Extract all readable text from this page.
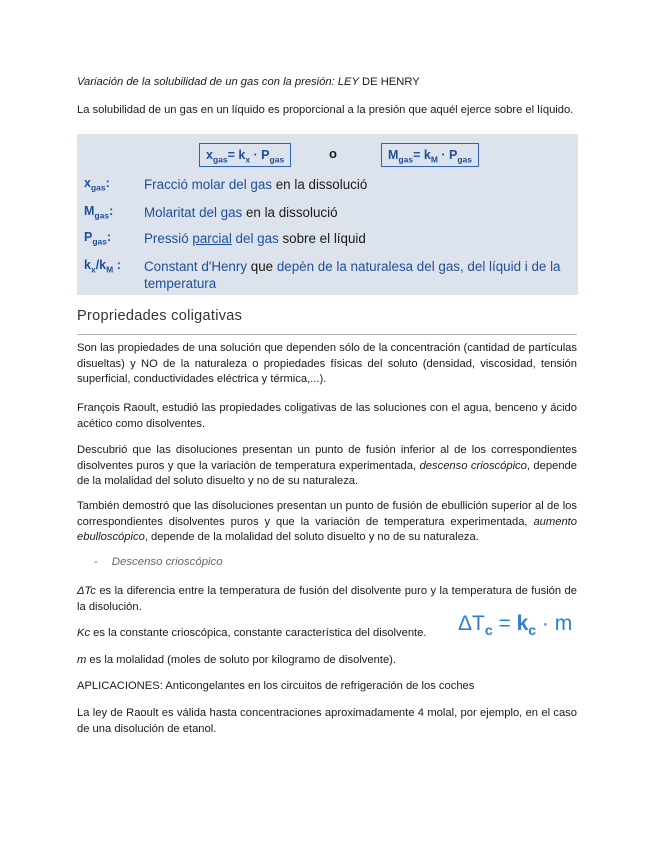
Variación de la solubilidad de un gas con la presión: LEY DE HENRY

La solubilidad de un gas en un líquido es proporcional a la presión que aquél ejerce sobre el líquido.

$x_{gas}= k_x \cdot P_{gas}$	o	$M_{gas}= k_M \cdot P_{gas}$
$x_{gas}$:	Fracció molar del gas en la dissolució
$M_{gas}$: Molaritat del gas en la dissolució
$P_{gas}$: Pressió parcial del gas sobre el líquid
$k_x/k_M$ : Constant d'Henry que depèn de la naturalesa del gas, del líquid i de la temperatura
Propriedades coligativas

Son las propiedades de una solución que dependen sólo de la concentración (cantidad de partículas disueltas) y NO de la naturaleza o propiedades físicas del soluto (densidad, viscosidad, tensión superficial, conductividades eléctrica y térmica,...).

François Raoult, estudió las propiedades coligativas de las soluciones con el agua, benceno y ácido acético como disolventes.

Descubrió que las disoluciones presentan un punto de fusión inferior al de los correspondientes disolventes puros y que la variación de temperatura experimentada, descenso crioscópico, depende de la molalidad del soluto disuelto y no de su naturaleza.

También demostró que las disoluciones presentan un punto de fusión de ebullición superior al de los correspondientes disolventes puros y que la variación de temperatura experimentada, aumento ebulloscópico, depende de la molalidad del soluto disuelto y no de su naturaleza.

- Descenso crioscópico

ΔTc es la diferencia entre la temperatura de fusión del disolvente puro y la temperatura de fusión de la disolución.

Kc es la constante crioscópica, constante característica del disolvente.	$\Delta T_c = k_c \cdot m$

m es la molalidad (moles de soluto por kilogramo de disolvente).

APLICACIONES: Anticongelantes en los circuitos de refrigeración de los coches

La ley de Raoult es válida hasta concentraciones aproximadamente 4 molal, por ejemplo, en el caso de una disolución de etanol.
